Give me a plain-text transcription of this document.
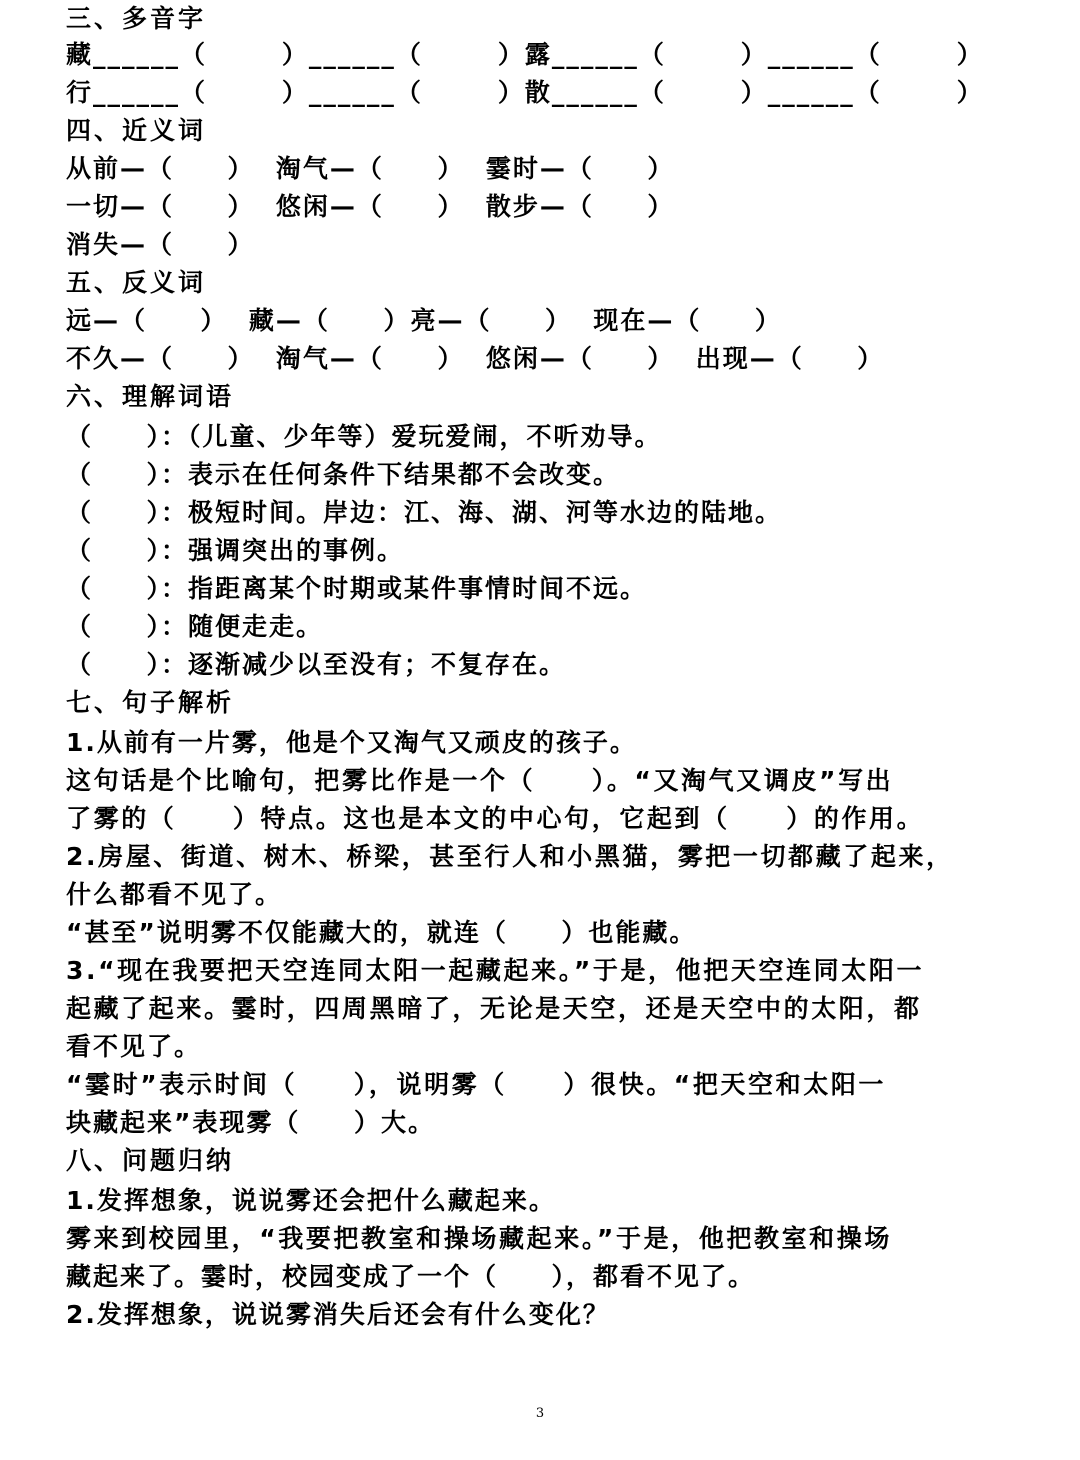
三、多音字
藏______（       ）______（       ）露______（       ）______（       ）
行______（       ）______（       ）散______（       ）______（       ）
四、近义词
从前—（     ）  淘气—（     ）  霎时—（     ）
一切—（     ）  悠闲—（     ）  散步—（     ）
消失—（     ）
五、反义词
远—（     ）  藏—（     ）亮—（     ）  现在—（     ）
不久—（     ）  淘气—（     ）  悠闲—（     ）  出现—（     ）
六、理解词语
（     ）：（儿童、少年等）爱玩爱闹，不听劝导。
（     ）：表示在任何条件下结果都不会改变。
（     ）：极短时间。岸边：江、海、湖、河等水边的陆地。
（     ）：强调突出的事例。
（     ）：指距离某个时期或某件事情时间不远。
（     ）：随便走走。
（     ）：逐渐减少以至没有；不复存在。
七、句子解析
1.从前有一片雾，他是个又淘气又顽皮的孩子。
这句话是个比喻句，把雾比作是一个（     ）。“又淘气又调皮”写出
了雾的（     ）特点。这也是本文的中心句，它起到（     ）的作用。
2.房屋、街道、树木、桥梁，甚至行人和小黑猫，雾把一切都藏了起来，
什么都看不见了。
“甚至”说明雾不仅能藏大的，就连（     ）也能藏。
3.“现在我要把天空连同太阳一起藏起来。”于是，他把天空连同太阳一
起藏了起来。霎时，四周黑暗了，无论是天空，还是天空中的太阳，都
看不见了。
“霎时”表示时间（     ），说明雾（     ）很快。“把天空和太阳一
块藏起来”表现雾（     ）大。
八、问题归纳
1.发挥想象，说说雾还会把什么藏起来。
雾来到校园里，“我要把教室和操场藏起来。”于是，他把教室和操场
藏起来了。霎时，校园变成了一个（     ），都看不见了。
2.发挥想象，说说雾消失后还会有什么变化？
3
